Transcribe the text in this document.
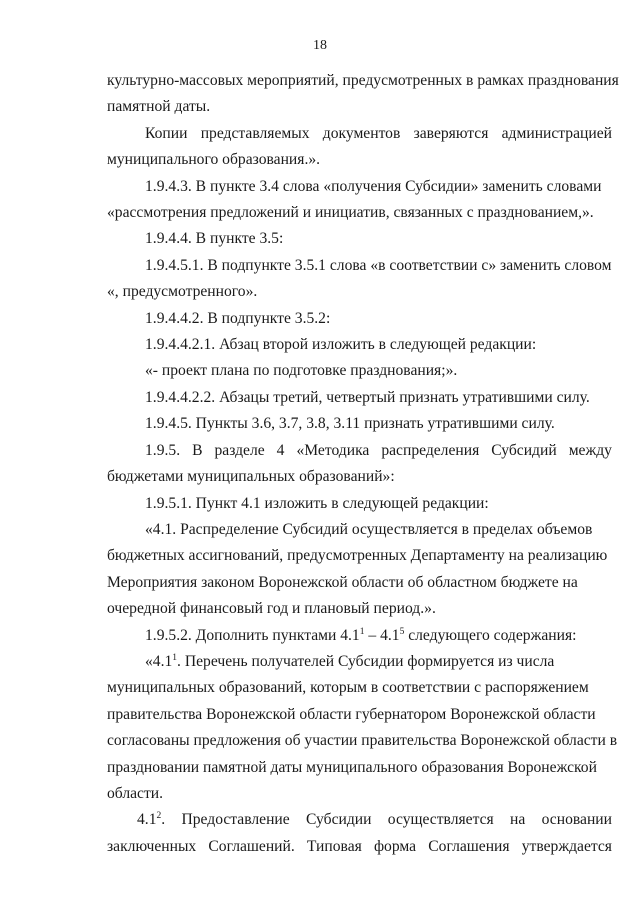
18

культурно-массовых мероприятий, предусмотренных в рамках празднования

памятной даты.

Копии представляемых документов заверяются администрацией

муниципального образования.».

1.9.4.3. В пункте 3.4 слова «получения Субсидии» заменить словами

«рассмотрения предложений и инициатив, связанных с празднованием,».

1.9.4.4. В пункте 3.5:

1.9.4.5.1. В подпункте 3.5.1 слова «в соответствии с» заменить словом

«, предусмотренного».

1.9.4.4.2. В подпункте 3.5.2:

1.9.4.4.2.1. Абзац второй изложить в следующей редакции:

«- проект плана по подготовке празднования;».

1.9.4.4.2.2. Абзацы третий, четвертый признать утратившими силу.

1.9.4.5. Пункты 3.6, 3.7, 3.8, 3.11 признать утратившими силу.

1.9.5. В разделе 4 «Методика распределения Субсидий между

бюджетами муниципальных образований»:

1.9.5.1. Пункт 4.1 изложить в следующей редакции:

«4.1. Распределение Субсидий осуществляется в пределах объемов

бюджетных ассигнований, предусмотренных Департаменту на реализацию

Мероприятия законом Воронежской области об областном бюджете на

очередной финансовый год и плановый период.».

1.9.5.2. Дополнить пунктами $4.1^1 - 4.1^5$ следующего содержания:

«$4.1^1$. Перечень получателей Субсидии формируется из числа

муниципальных образований, которым в соответствии с распоряжением

правительства Воронежской области губернатором Воронежской области

согласованы предложения об участии правительства Воронежской области в

праздновании памятной даты муниципального образования Воронежской

области.

$4.1^2$. Предоставление Субсидии осуществляется на основании

заключенных Соглашений. Типовая форма Соглашения утверждается
